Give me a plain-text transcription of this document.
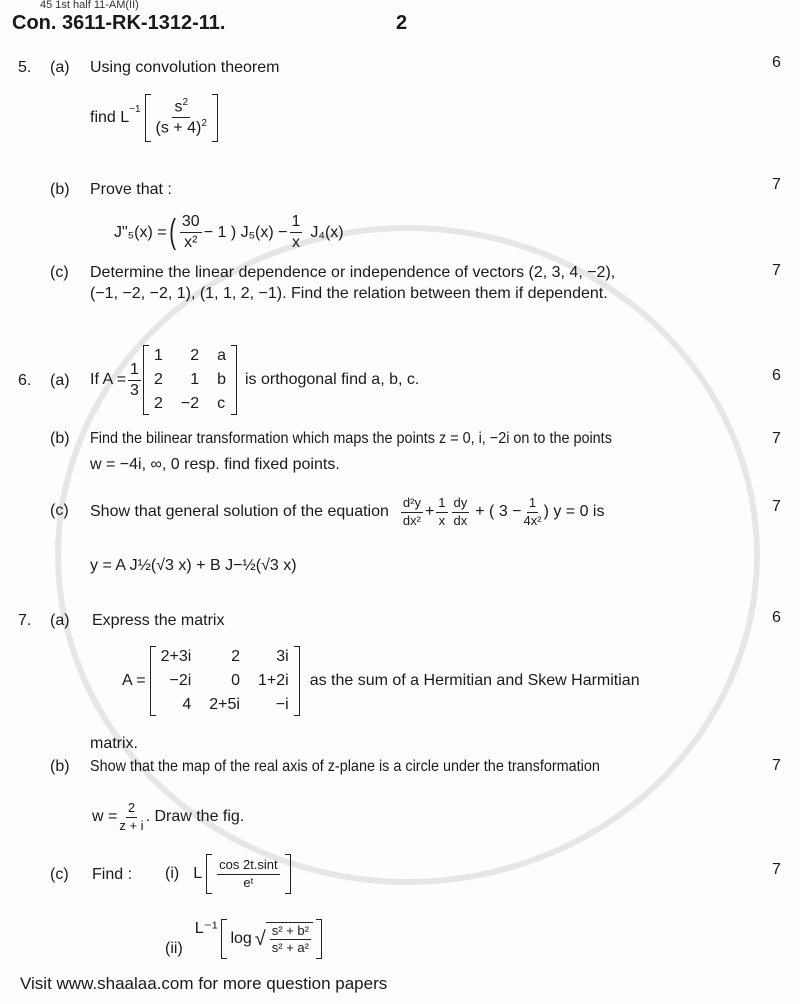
45 1st half 11-AM(II)
Con. 3611-RK-1312-11.	2
5. (a) Using convolution theorem	6
find $L^{-1} \frac{s^2}{(s + 4)^2}$
(b) Prove that :	7
J"₅(x) = ( $\frac{30}{\text{x²}} - 1$ ) $J_5(x) - \frac{1}{x} J_4(x)$
(c) Determine the linear dependence or independence of vectors (2, 3, 4, −2),
(−1, −2, −2, 1), (1, 1, 2, −1). Find the relation between them if dependent.
7
6. (a) If $A = \frac{1}{3}$
1	2 a
2	1 b
2 −2 c
is orthogonal find a, b, c.	6
(b) Find the bilinear transformation which maps the points z = 0, i, −2i on to the points
w = −4i, ∞, 0 resp. find fixed points.
7
(c) Show that general solution of the equation $\frac{\text{d²y}}{\text{dx²}} + \frac{1}{x} \frac{dy}{dx}$ + ( $3 - \frac{1}{\text{4x²}}$ ) y = 0 is	7
y = A J½(√3 x) + B J−½(√3 x)
7. (a) Express the matrix	6
A =
2+3i	2	3i
−2i	0 1+2i
4 2+5i	−i
as the sum of a Hermitian and Skew Harmitian
matrix.
(b) Show that the map of the real axis of z-plane is a circle under the transformation	7
$w = \frac{2}{z + i}$ . Draw the fig.
(c) Find : (i) L $\frac{\cos 2t.\sin t}{\text{eᵗ}}$	7
(ii)
L⁻¹
log √ $\frac{\text{s² + b²}}{\text{s² + a²}}$
Visit www.shaalaa.com for more question papers
